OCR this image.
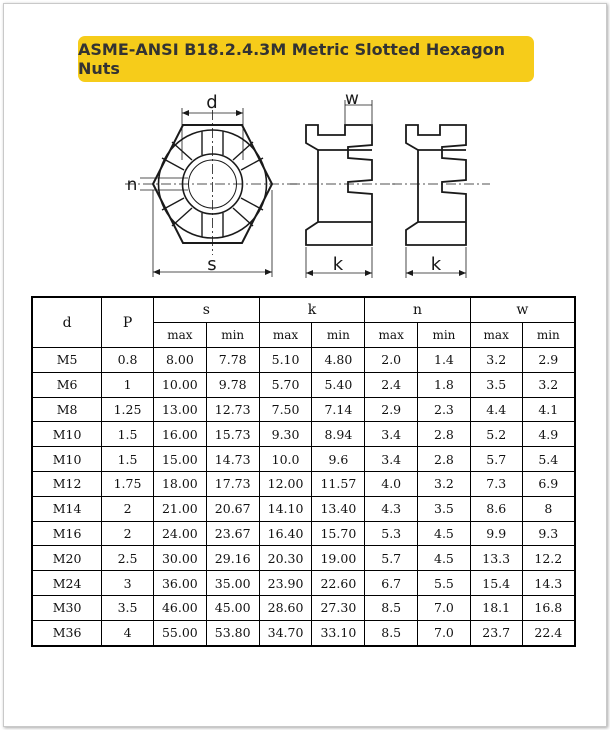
ASME-ANSI B18.2.4.3M Metric Slotted Hexagon Nuts
d
s
n
w
k	k
d	P	s		k		n		w	
		max	min	max	min	max	min	max	min
M5	0.8	8.00	7.78	5.10	4.80	2.0	1.4	3.2	2.9
M6	1	10.00	9.78	5.70	5.40	2.4	1.8	3.5	3.2
M8	1.25	13.00	12.73	7.50	7.14	2.9	2.3	4.4	4.1
M10	1.5	16.00	15.73	9.30	8.94	3.4	2.8	5.2	4.9
M10	1.5	15.00	14.73	10.0	9.6	3.4	2.8	5.7	5.4
M12	1.75	18.00	17.73	12.00	11.57	4.0	3.2	7.3	6.9
M14	2	21.00	20.67	14.10	13.40	4.3	3.5	8.6	8
M16	2	24.00	23.67	16.40	15.70	5.3	4.5	9.9	9.3
M20	2.5	30.00	29.16	20.30	19.00	5.7	4.5	13.3	12.2
M24	3	36.00	35.00	23.90	22.60	6.7	5.5	15.4	14.3
M30	3.5	46.00	45.00	28.60	27.30	8.5	7.0	18.1	16.8
M36	4	55.00	53.80	34.70	33.10	8.5	7.0	23.7	22.4
